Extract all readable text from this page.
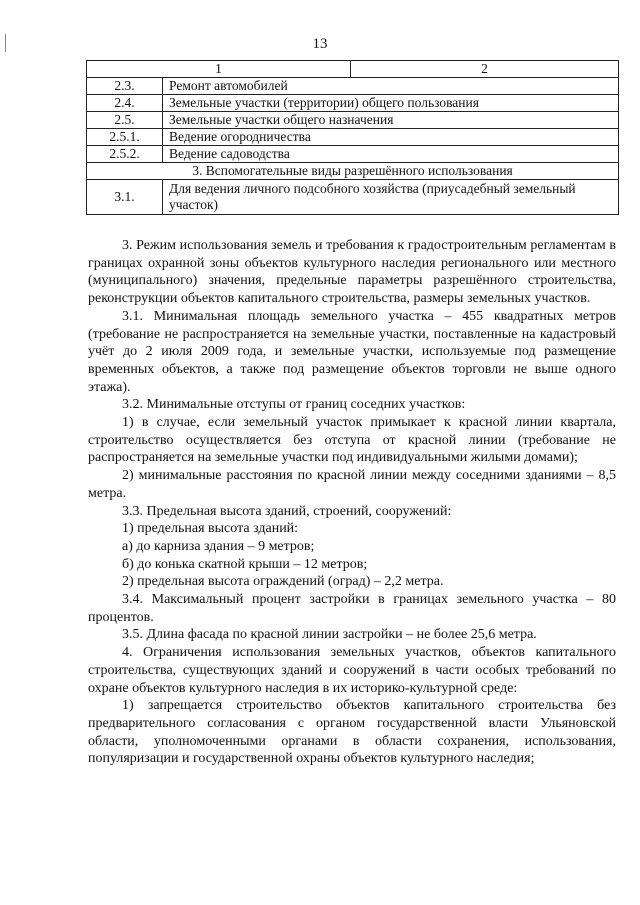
13
1		2
2.3.	Ремонт автомобилей	
2.4.	Земельные участки (территории) общего пользования	
2.5.	Земельные участки общего назначения	
2.5.1.	Ведение огородничества	
2.5.2.	Ведение садоводства	
3. Вспомогательные виды разрешённого использования		
3.1.	Для ведения личного подсобного хозяйства (приусадебный земельный участок)	

3. Режим использования земель и требования к градостроительным регламентам в границах охранной зоны объектов культурного наследия регионального или местного (муниципального) значения, предельные параметры разрешённого строительства, реконструкции объектов капитального строительства, размеры земельных участков.

3.1. Минимальная площадь земельного участка – 455 квадратных метров (требование не распространяется на земельные участки, поставленные на кадастровый учёт до 2 июля 2009 года, и земельные участки, используемые под размещение временных объектов, а также под размещение объектов торговли не выше одного этажа).

3.2. Минимальные отступы от границ соседних участков:

1) в случае, если земельный участок примыкает к красной линии квартала, строительство осуществляется без отступа от красной линии (требование не распространяется на земельные участки под индивидуальными жилыми домами);

2) минимальные расстояния по красной линии между соседними зданиями – 8,5 метра.

3.3. Предельная высота зданий, строений, сооружений:

1) предельная высота зданий:

а) до карниза здания – 9 метров;

б) до конька скатной крыши – 12 метров;

2) предельная высота ограждений (оград) – 2,2 метра.

3.4. Максимальный процент застройки в границах земельного участка – 80 процентов.

3.5. Длина фасада по красной линии застройки – не более 25,6 метра.

4. Ограничения использования земельных участков, объектов капитального строительства, существующих зданий и сооружений в части особых требований по охране объектов культурного наследия в их историко-культурной среде:

1) запрещается строительство объектов капитального строительства без предварительного согласования с органом государственной власти Ульяновской области, уполномоченными органами в области сохранения, использования, популяризации и государственной охраны объектов культурного наследия;
